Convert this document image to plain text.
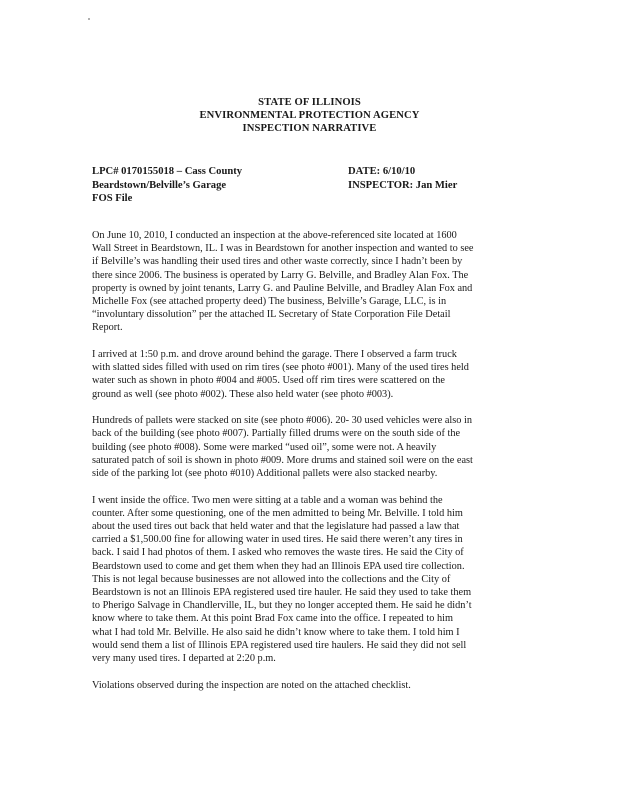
STATE OF ILLINOIS
ENVIRONMENTAL PROTECTION AGENCY
INSPECTION NARRATIVE
LPC# 0170155018 – Cass County
Beardstown/Belville’s Garage
FOS File
DATE: 6/10/10
INSPECTOR: Jan Mier
On June 10, 2010, I conducted an inspection at the above-referenced site located at 1600
Wall Street in Beardstown, IL. I was in Beardstown for another inspection and wanted to see
if Belville’s was handling their used tires and other waste correctly, since I hadn’t been by
there since 2006. The business is operated by Larry G. Belville, and Bradley Alan Fox. The
property is owned by joint tenants, Larry G. and Pauline Belville, and Bradley Alan Fox and
Michelle Fox (see attached property deed) The business, Belville’s Garage, LLC, is in
“involuntary dissolution” per the attached IL Secretary of State Corporation File Detail
Report.
I arrived at 1:50 p.m. and drove around behind the garage. There I observed a farm truck
with slatted sides filled with used on rim tires (see photo #001). Many of the used tires held
water such as shown in photo #004 and #005. Used off rim tires were scattered on the
ground as well (see photo #002). These also held water (see photo #003).
Hundreds of pallets were stacked on site (see photo #006). 20- 30 used vehicles were also in
back of the building (see photo #007). Partially filled drums were on the south side of the
building (see photo #008). Some were marked “used oil”, some were not. A heavily
saturated patch of soil is shown in photo #009. More drums and stained soil were on the east
side of the parking lot (see photo #010) Additional pallets were also stacked nearby.
I went inside the office. Two men were sitting at a table and a woman was behind the
counter. After some questioning, one of the men admitted to being Mr. Belville. I told him
about the used tires out back that held water and that the legislature had passed a law that
carried a $1,500.00 fine for allowing water in used tires. He said there weren’t any tires in
back. I said I had photos of them. I asked who removes the waste tires. He said the City of
Beardstown used to come and get them when they had an Illinois EPA used tire collection.
This is not legal because businesses are not allowed into the collections and the City of
Beardstown is not an Illinois EPA registered used tire hauler. He said they used to take them
to Pherigo Salvage in Chandlerville, IL, but they no longer accepted them. He said he didn’t
know where to take them. At this point Brad Fox came into the office. I repeated to him
what I had told Mr. Belville. He also said he didn’t know where to take them. I told him I
would send them a list of Illinois EPA registered used tire haulers. He said they did not sell
very many used tires. I departed at 2:20 p.m.
Violations observed during the inspection are noted on the attached checklist.
